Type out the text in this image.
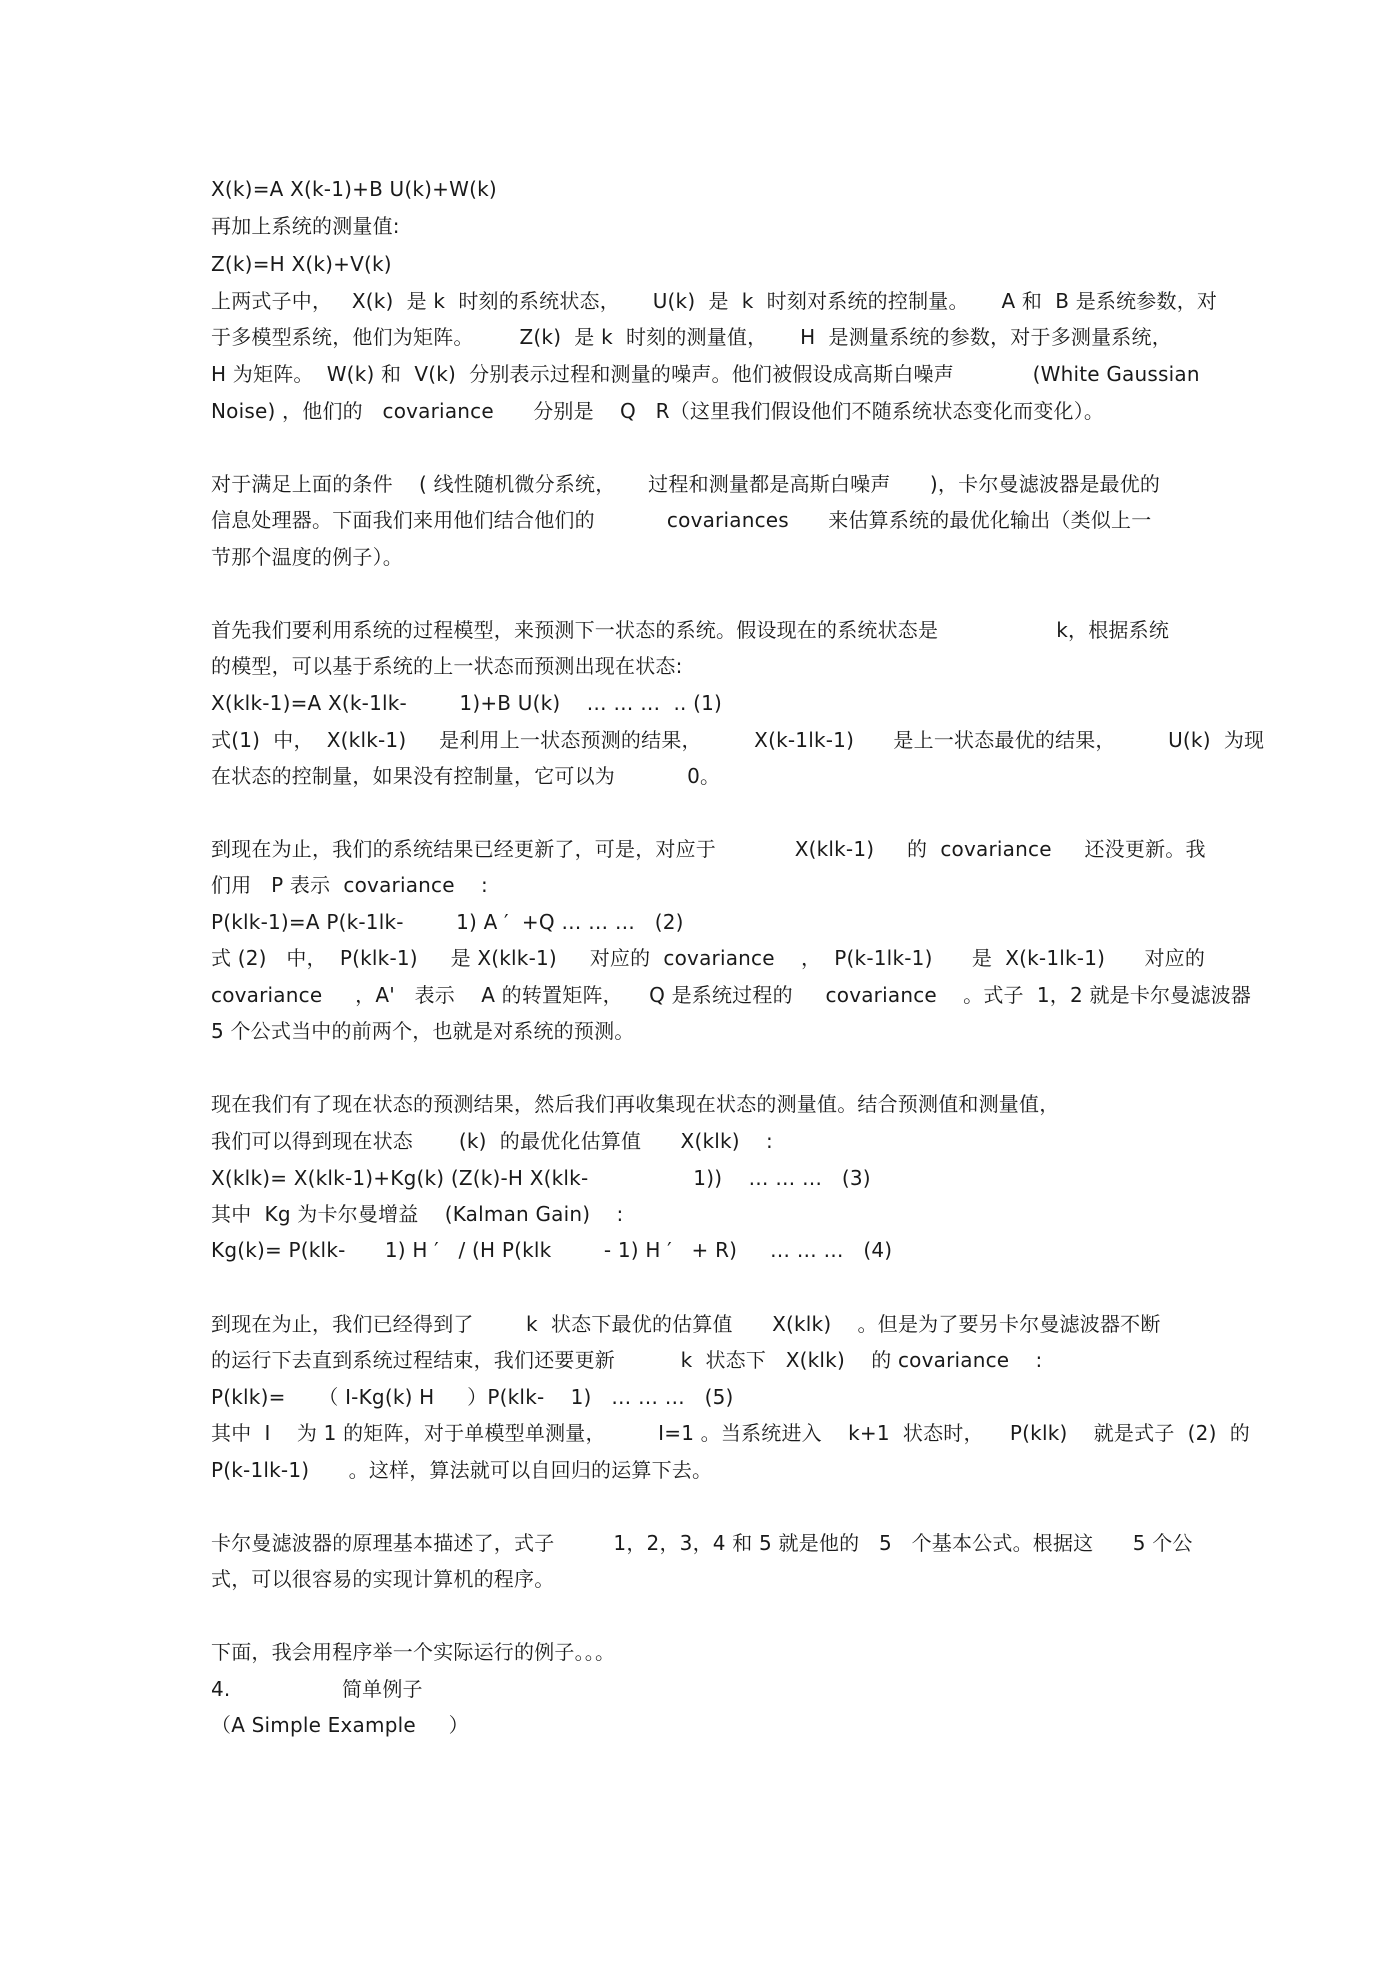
X(k)=A X(k-1)+B U(k)+W(k)
再加上系统的测量值:
Z(k)=H X(k)+V(k)
上两式子中，   X(k)  是 k  时刻的系统状态，     U(k)  是  k  时刻对系统的控制量。     A 和  B 是系统参数，对
于多模型系统，他们为矩阵。       Z(k)  是 k  时刻的测量值，     H  是测量系统的参数，对于多测量系统，
H 为矩阵。  W(k) 和  V(k)  分别表示过程和测量的噪声。他们被假设成高斯白噪声            (White Gaussian
Noise) ，他们的   covariance      分别是    Q   R（这里我们假设他们不随系统状态变化而变化）。
对于满足上面的条件    ( 线性随机微分系统，     过程和测量都是高斯白噪声      )，卡尔曼滤波器是最优的
信息处理器。下面我们来用他们结合他们的           covariances      来估算系统的最优化输出（类似上一
节那个温度的例子）。
首先我们要利用系统的过程模型，来预测下一状态的系统。假设现在的系统状态是                  k，根据系统
的模型，可以基于系统的上一状态而预测出现在状态:
X(klk-1)=A X(k-1lk-        1)+B U(k)    … … …  .. (1)
式(1)  中，  X(klk-1)     是利用上一状态预测的结果，        X(k-1lk-1)      是上一状态最优的结果，        U(k)  为现
在状态的控制量，如果没有控制量，它可以为           0。
到现在为止，我们的系统结果已经更新了，可是，对应于            X(klk-1)     的  covariance     还没更新。我
们用   P 表示  covariance    :
P(klk-1)=A P(k-1lk-        1) A ′  +Q … … …   (2)
式 (2)   中，  P(klk-1)     是 X(klk-1)     对应的  covariance    ，  P(k-1lk-1)      是  X(k-1lk-1)      对应的
covariance     ，A'   表示    A 的转置矩阵，    Q 是系统过程的     covariance    。式子  1，2 就是卡尔曼滤波器
5 个公式当中的前两个，也就是对系统的预测。
现在我们有了现在状态的预测结果，然后我们再收集现在状态的测量值。结合预测值和测量值，
我们可以得到现在状态       (k)  的最优化估算值      X(klk)    :
X(klk)= X(klk-1)+Kg(k) (Z(k)-H X(klk-                1))    … … …   (3)
其中  Kg 为卡尔曼增益    (Kalman Gain)    :
Kg(k)= P(klk-      1) H ′   / (H P(klk        - 1) H ′   + R)     … … …   (4)
到现在为止，我们已经得到了        k  状态下最优的估算值      X(klk)    。但是为了要另卡尔曼滤波器不断
的运行下去直到系统过程结束，我们还要更新          k  状态下   X(klk)    的 covariance    :
P(klk)=     （ I-Kg(k) H     ）P(klk-    1)   … … …   (5)
其中  I    为 1 的矩阵，对于单模型单测量，        I=1 。当系统进入    k+1  状态时，    P(klk)    就是式子  (2)  的
P(k-1lk-1)      。这样，算法就可以自回归的运算下去。
卡尔曼滤波器的原理基本描述了，式子         1，2，3，4 和 5 就是他的   5   个基本公式。根据这      5 个公
式，可以很容易的实现计算机的程序。
下面，我会用程序举一个实际运行的例子。。。
4.                 简单例子
（A Simple Example     ）
